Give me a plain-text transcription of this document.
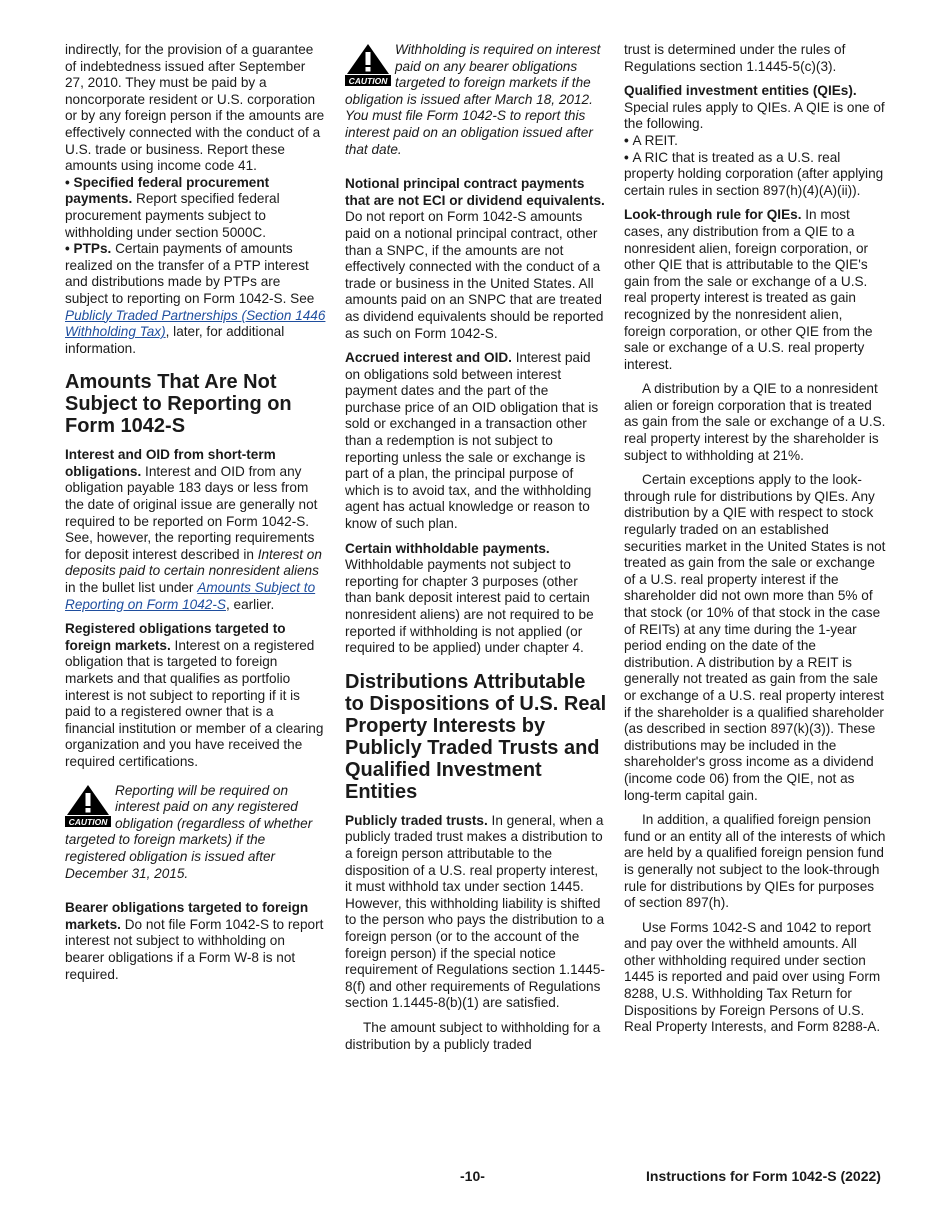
indirectly, for the provision of a guarantee of indebtedness issued after September 27, 2010. They must be paid by a noncorporate resident or U.S. corporation or by any foreign person if the amounts are effectively connected with the conduct of a U.S. trade or business. Report these amounts using income code 41.

• Specified federal procurement payments. Report specified federal procurement payments subject to withholding under section 5000C.

• PTPs. Certain payments of amounts realized on the transfer of a PTP interest and distributions made by PTPs are subject to reporting on Form 1042-S. See Publicly Traded Partnerships (Section 1446 Withholding Tax), later, for additional information.

Amounts That Are Not Subject to Reporting on Form 1042-S

Interest and OID from short-term obligations. Interest and OID from any obligation payable 183 days or less from the date of original issue are generally not required to be reported on Form 1042-S. See, however, the reporting requirements for deposit interest described in Interest on deposits paid to certain nonresident aliens in the bullet list under Amounts Subject to Reporting on Form 1042-S, earlier.

Registered obligations targeted to foreign markets. Interest on a registered obligation that is targeted to foreign markets and that qualifies as portfolio interest is not subject to reporting if it is paid to a registered owner that is a financial institution or member of a clearing organization and you have received the required certifications.

CAUTION
Reporting will be required on interest paid on any registered obligation (regardless of whether targeted to foreign markets) if the registered obligation is issued after December 31, 2015.

Bearer obligations targeted to foreign markets. Do not file Form 1042-S to report interest not subject to withholding on bearer obligations if a Form W-8 is not required.

CAUTION
Withholding is required on interest paid on any bearer obligations targeted to foreign markets if the obligation is issued after March 18, 2012. You must file Form 1042-S to report this interest paid on an obligation issued after that date.

Notional principal contract payments that are not ECI or dividend equivalents. Do not report on Form 1042-S amounts paid on a notional principal contract, other than a SNPC, if the amounts are not effectively connected with the conduct of a trade or business in the United States. All amounts paid on an SNPC that are treated as dividend equivalents should be reported as such on Form 1042-S.

Accrued interest and OID. Interest paid on obligations sold between interest payment dates and the part of the purchase price of an OID obligation that is sold or exchanged in a transaction other than a redemption is not subject to reporting unless the sale or exchange is part of a plan, the principal purpose of which is to avoid tax, and the withholding agent has actual knowledge or reason to know of such plan.

Certain withholdable payments. Withholdable payments not subject to reporting for chapter 3 purposes (other than bank deposit interest paid to certain nonresident aliens) are not required to be reported if withholding is not applied (or required to be applied) under chapter 4.

Distributions Attributable to Dispositions of U.S. Real Property Interests by Publicly Traded Trusts and Qualified Investment Entities

Publicly traded trusts. In general, when a publicly traded trust makes a distribution to a foreign person attributable to the disposition of a U.S. real property interest, it must withhold tax under section 1445. However, this withholding liability is shifted to the person who pays the distribution to a foreign person (or to the account of the foreign person) if the special notice requirement of Regulations section 1.1445-8(f) and other requirements of Regulations section 1.1445-8(b)(1) are satisfied.

The amount subject to withholding for a distribution by a publicly traded

trust is determined under the rules of Regulations section 1.1445-5(c)(3).

Qualified investment entities (QIEs). Special rules apply to QIEs. A QIE is one of the following.

• A REIT.

• A RIC that is treated as a U.S. real property holding corporation (after applying certain rules in section 897(h)(4)(A)(ii)).

Look-through rule for QIEs. In most cases, any distribution from a QIE to a nonresident alien, foreign corporation, or other QIE that is attributable to the QIE's gain from the sale or exchange of a U.S. real property interest is treated as gain recognized by the nonresident alien, foreign corporation, or other QIE from the sale or exchange of a U.S. real property interest.

A distribution by a QIE to a nonresident alien or foreign corporation that is treated as gain from the sale or exchange of a U.S. real property interest by the shareholder is subject to withholding at 21%.

Certain exceptions apply to the look-through rule for distributions by QIEs. Any distribution by a QIE with respect to stock regularly traded on an established securities market in the United States is not treated as gain from the sale or exchange of a U.S. real property interest if the shareholder did not own more than 5% of that stock (or 10% of that stock in the case of REITs) at any time during the 1-year period ending on the date of the distribution. A distribution by a REIT is generally not treated as gain from the sale or exchange of a U.S. real property interest if the shareholder is a qualified shareholder (as described in section 897(k)(3)). These distributions may be included in the shareholder's gross income as a dividend (income code 06) from the QIE, not as long-term capital gain.

In addition, a qualified foreign pension fund or an entity all of the interests of which are held by a qualified foreign pension fund is generally not subject to the look-through rule for distributions by QIEs for purposes of section 897(h).

Use Forms 1042-S and 1042 to report and pay over the withheld amounts. All other withholding required under section 1445 is reported and paid over using Form 8288, U.S. Withholding Tax Return for Dispositions by Foreign Persons of U.S. Real Property Interests, and Form 8288-A.

-10-	Instructions for Form 1042-S (2022)
